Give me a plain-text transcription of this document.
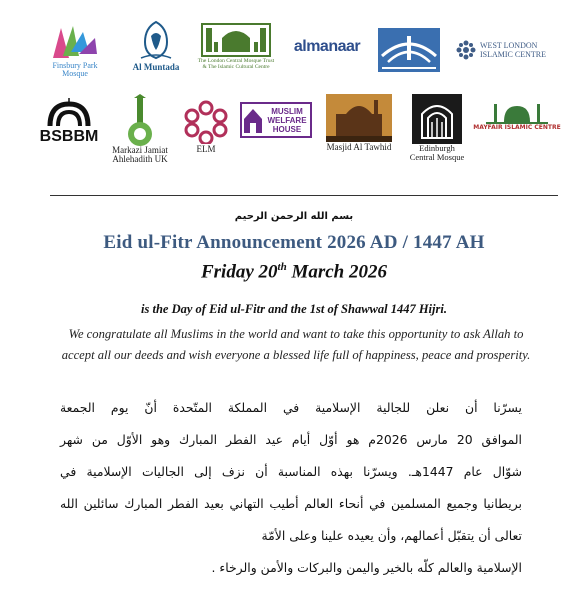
Finsbury Park Mosque
Al Muntada
The London Central Mosque Trust & The Islamic Cultural Centre
almanaar	WEST LONDON ISLAMIC CENTRE
BSBBM
Markazi Jamiat Ahlehadith UK
ELM
MUSLIM WELFARE HOUSE
Masjid Al Tawhid	Edinburgh Central Mosque
MAYFAIR ISLAMIC CENTRE
بسم الله الرحمن الرحيم
Eid ul-Fitr Announcement 2026 AD / 1447 AH
Friday 20th March 2026
is the Day of Eid ul-Fitr and the 1st of Shawwal 1447 Hijri.
We congratulate all Muslims in the world and want to take this opportunity to ask Allah to
accept all our deeds and wish everyone a blessed life full of happiness, peace and prosperity.
يسرّنا أن نعلن للجالية الإسلامية في المملكة المتّحدة أنّ يوم الجمعة
الموافق 20 مارس 2026م هو أوّل أيام عيد الفطر المبارك وهو الأوّل من شهر
شوّال عام 1447هـ. ويسرّنا بهذه المناسبة أن نزف إلى الجاليات الإسلامية في
بريطانيا وجميع المسلمين في أنحاء العالم أطيب التهاني بعيد الفطر المبارك سائلين الله
تعالى أن يتقبّل أعمالهم، وأن يعيده علينا وعلى الأمّة
الإسلامية والعالم كلّه بالخير واليمن والبركات والأمن والرخاء .
